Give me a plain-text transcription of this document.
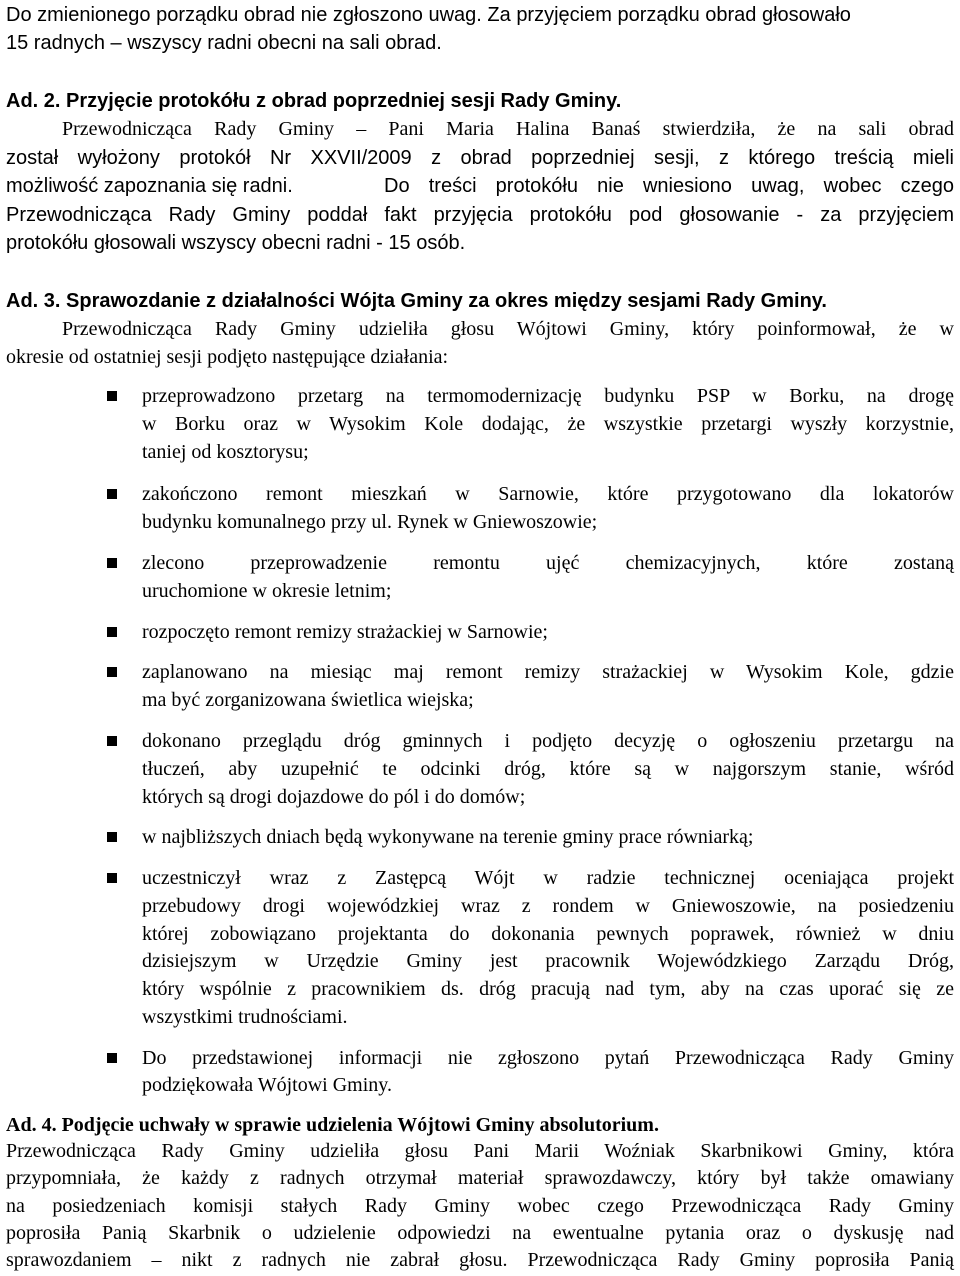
Do zmienionego porządku obrad nie zgłoszono uwag. Za przyjęciem porządku obrad głosowało
15 radnych – wszyscy radni obecni na sali obrad.
Ad. 2. Przyjęcie protokółu z obrad poprzedniej sesji Rady Gminy.
Przewodnicząca Rady Gminy – Pani Maria Halina Banaś stwierdziła, że na sali obrad
został wyłożony protokół Nr XXVII/2009 z obrad poprzedniej sesji, z którego treścią mieli
możliwość zapoznania się radni.	Do treści protokółu nie wniesiono uwag, wobec czego
Przewodnicząca Rady Gminy poddał fakt przyjęcia protokółu pod głosowanie - za przyjęciem
protokółu głosowali wszyscy obecni radni - 15 osób.
Ad. 3. Sprawozdanie z działalności Wójta Gminy za okres między sesjami Rady Gminy.
Przewodnicząca Rady Gminy udzieliła głosu Wójtowi Gminy, który poinformował, że w
okresie od ostatniej sesji podjęto następujące działania:
przeprowadzono przetarg na termomodernizację budynku PSP w Borku, na drogę
w Borku oraz w Wysokim Kole dodając, że wszystkie przetargi wyszły korzystnie,
taniej od kosztorysu;
zakończono remont mieszkań w Sarnowie, które przygotowano dla lokatorów
budynku komunalnego przy ul. Rynek w Gniewoszowie;
zlecono przeprowadzenie remontu ujęć chemizacyjnych, które zostaną
uruchomione w okresie letnim;
rozpoczęto remont remizy strażackiej w Sarnowie;
zaplanowano na miesiąc maj remont remizy strażackiej w Wysokim Kole, gdzie
ma być zorganizowana świetlica wiejska;
dokonano przeglądu dróg gminnych i podjęto decyzję o ogłoszeniu przetargu na
tłuczeń, aby uzupełnić te odcinki dróg, które są w najgorszym stanie, wśród
których są drogi dojazdowe do pól i do domów;
w najbliższych dniach będą wykonywane na terenie gminy prace równiarką;
uczestniczył wraz z Zastępcą Wójt w radzie technicznej oceniająca projekt
przebudowy drogi wojewódzkiej wraz z rondem w Gniewoszowie, na posiedzeniu
której zobowiązano projektanta do dokonania pewnych poprawek, również w dniu
dzisiejszym w Urzędzie Gminy jest pracownik Wojewódzkiego Zarządu Dróg,
który wspólnie z pracownikiem ds. dróg pracują nad tym, aby na czas uporać się ze
wszystkimi trudnościami.
Do przedstawionej informacji nie zgłoszono pytań Przewodnicząca Rady Gminy
podziękowała Wójtowi Gminy.
Ad. 4. Podjęcie uchwały w sprawie udzielenia Wójtowi Gminy absolutorium.
Przewodnicząca Rady Gminy udzieliła głosu Pani Marii Woźniak Skarbnikowi Gminy, która
przypomniała, że każdy z radnych otrzymał materiał sprawozdawczy, który był także omawiany
na posiedzeniach komisji stałych Rady Gminy wobec czego Przewodnicząca Rady Gminy
poprosiła Panią Skarbnik o udzielenie odpowiedzi na ewentualne pytania oraz o dyskusję nad
sprawozdaniem – nikt z radnych nie zabrał głosu. Przewodnicząca Rady Gminy poprosiła Panią
